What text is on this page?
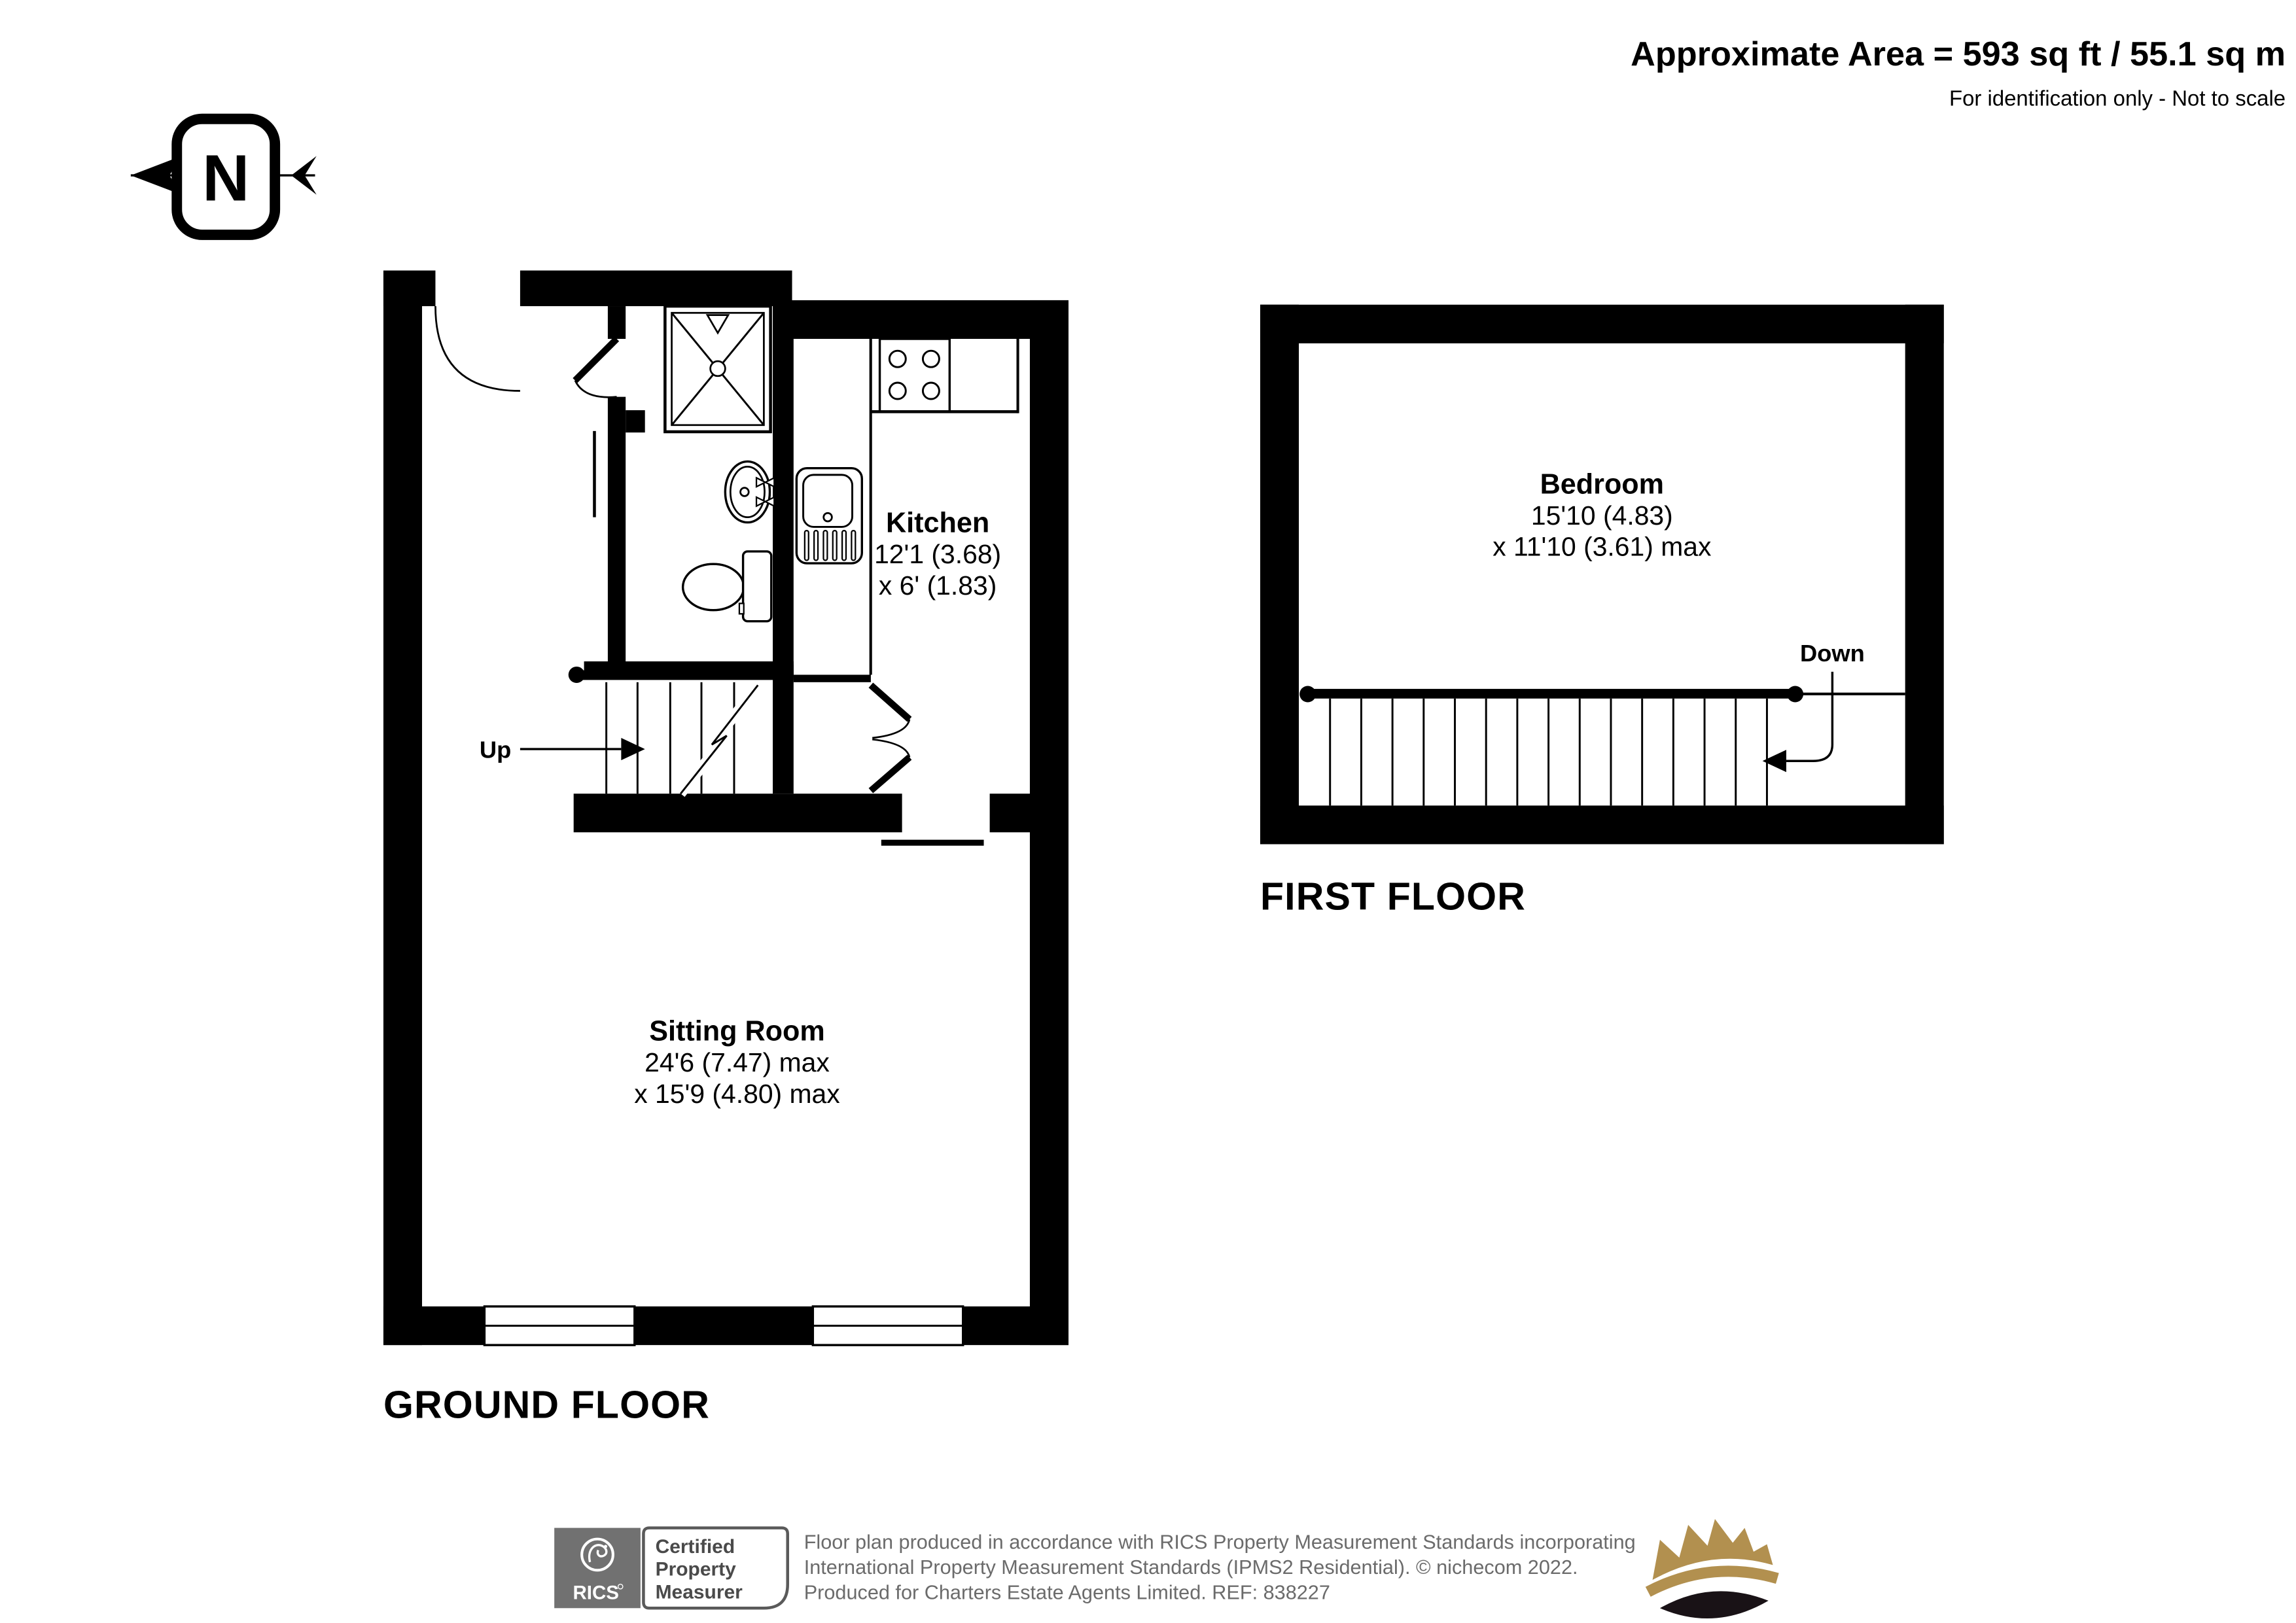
Approximate Area = 593 sq ft / 55.1 sq m
For identification only - Not to scale
N
Up
Kitchen
12'1 (3.68)
x 6' (1.83)
Sitting Room
24'6 (7.47) max
x 15'9 (4.80) max
GROUND FLOOR
Down
Bedroom
15'10 (4.83)
x 11'10 (3.61) max
FIRST FLOOR
RICS
Certified
Property
Measurer
Floor plan produced in accordance with RICS Property Measurement Standards incorporating
International Property Measurement Standards (IPMS2 Residential). © nichecom 2022.
Produced for Charters Estate Agents Limited. REF: 838227
